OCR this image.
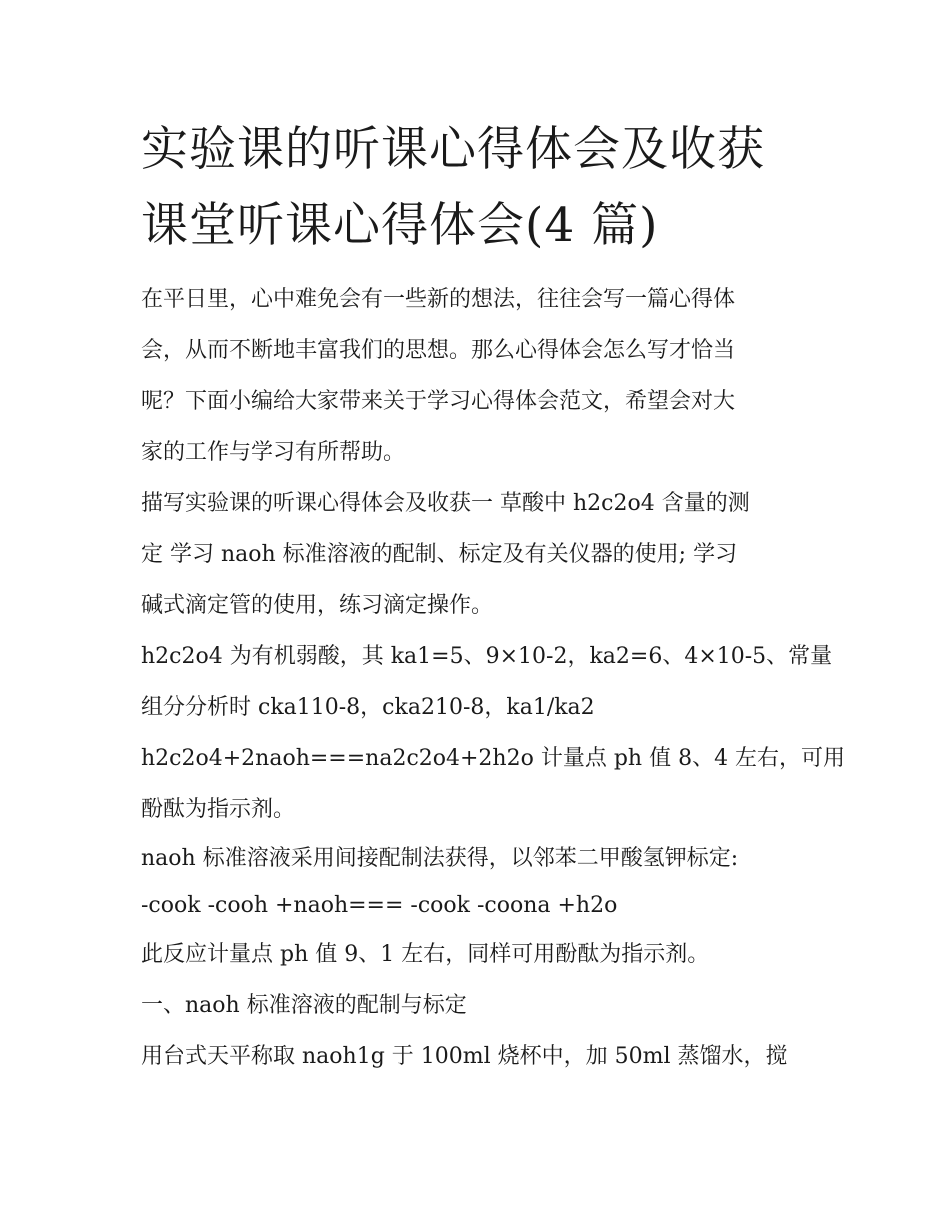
实验课的听课心得体会及收获
课堂听课心得体会(4 篇)

在平日里，心中难免会有一些新的想法，往往会写一篇心得体
会，从而不断地丰富我们的思想。那么心得体会怎么写才恰当
呢？下面小编给大家带来关于学习心得体会范文，希望会对大
家的工作与学习有所帮助。

描写实验课的听课心得体会及收获一 草酸中 h2c2o4 含量的测
定 学习 naoh 标准溶液的配制、标定及有关仪器的使用; 学习
碱式滴定管的使用，练习滴定操作。

h2c2o4 为有机弱酸，其 ka1=5、9×10-2，ka2=6、4×10-5、常量
组分分析时 cka110-8，cka210-8，ka1/ka2

h2c2o4+2naoh===na2c2o4+2h2o 计量点 ph 值 8、4 左右，可用
酚酞为指示剂。

naoh 标准溶液采用间接配制法获得，以邻苯二甲酸氢钾标定:
-cook -cooh +naoh=== -cook -coona +h2o

此反应计量点 ph 值 9、1 左右，同样可用酚酞为指示剂。

一、naoh 标准溶液的配制与标定

用台式天平称取 naoh1g 于 100ml 烧杯中，加 50ml 蒸馏水，搅
